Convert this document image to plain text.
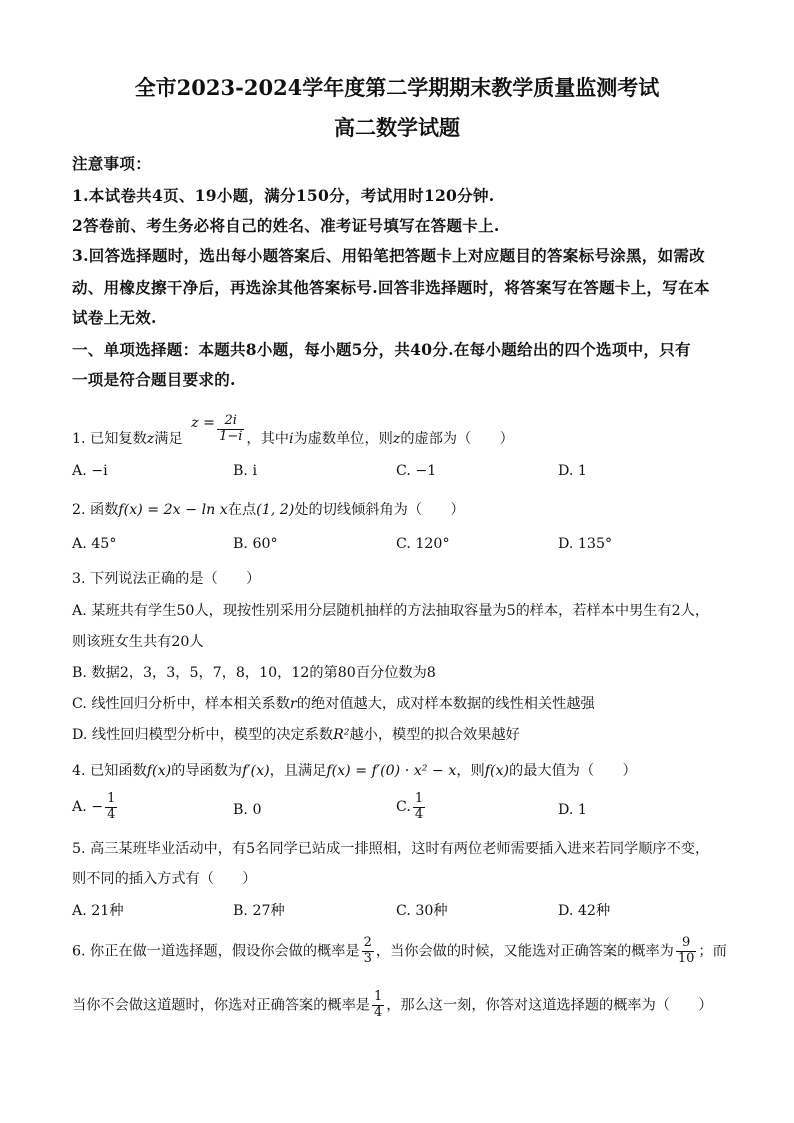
全市2023-2024学年度第二学期期末教学质量监测考试
高二数学试题
注意事项：
1.本试卷共4页、19小题，满分150分，考试用时120分钟.
2答卷前、考生务必将自己的姓名、准考证号填写在答题卡上.
3.回答选择题时，选出每小题答案后、用铅笔把答题卡上对应题目的答案标号涂黑，如需改
动、用橡皮擦干净后，再选涂其他答案标号.回答非选择题时，将答案写在答题卡上，写在本
试卷上无效.
一、单项选择题：本题共8小题，每小题5分，共40分.在每小题给出的四个选项中，只有
一项是符合题目要求的.
1. 已知复数z满足 $z = \frac{2i}{1-i}$ ，其中i为虚数单位，则z的虚部为（　　）
A. −i	B. i	C. −1	D. 1
2. 函数f(x) = 2x − ln x在点(1, 2)处的切线倾斜角为（　　）
A. 45°	B. 60°	C. 120°	D. 135°
3. 下列说法正确的是（　　）
A. 某班共有学生50人，现按性别采用分层随机抽样的方法抽取容量为5的样本，若样本中男生有2人，
则该班女生共有20人
B. 数据2，3，3，5，7，8，10，12的第80百分位数为8
C. 线性回归分析中，样本相关系数r的绝对值越大，成对样本数据的线性相关性越强
D. 线性回归模型分析中，模型的决定系数R²越小，模型的拟合效果越好
4. 已知函数f(x)的导函数为f′(x)，且满足f(x) = f′(0) · x² − x，则f(x)的最大值为（　　）
A. − $\frac{1}{4}$	B. 0	C. $\frac{1}{4}$	D. 1
5. 高三某班毕业活动中，有5名同学已站成一排照相，这时有两位老师需要插入进来若同学顺序不变，
则不同的插入方式有（　　）
A. 21种	B. 27种	C. 30种	D. 42种
6. 你正在做一道选择题，假设你会做的概率是 $\frac{2}{3}$ ，当你会做的时候，又能选对正确答案的概率为 $\frac{9}{10}$ ；而
当你不会做这道题时，你选对正确答案的概率是 $\frac{1}{4}$ ，那么这一刻，你答对这道选择题的概率为（　　）
